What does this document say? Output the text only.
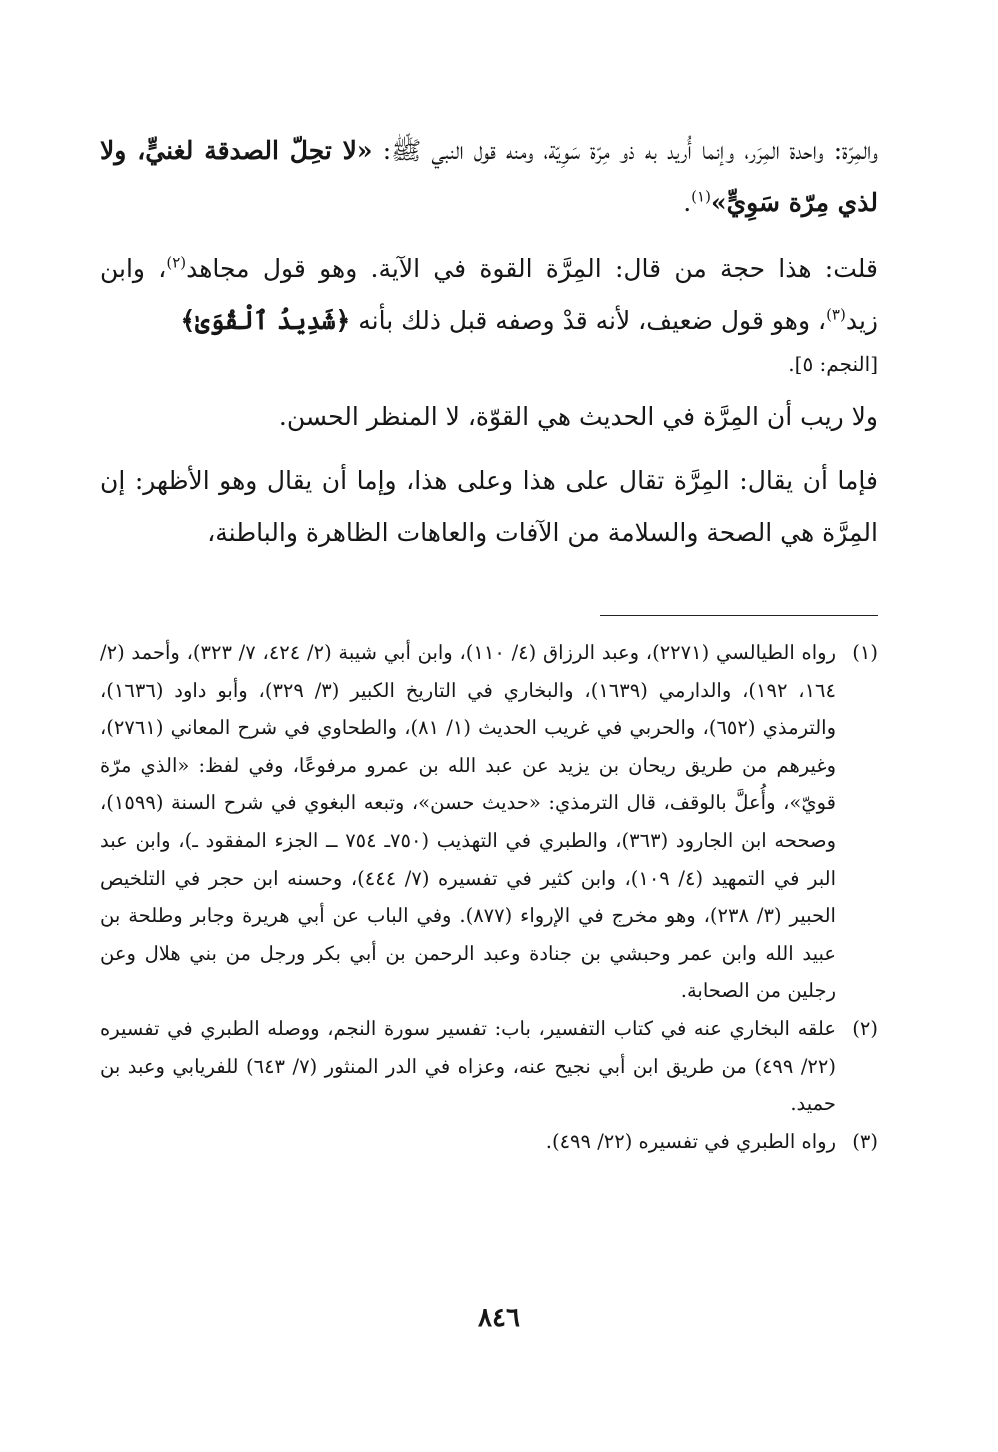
والمِرّة: واحدة المِرَر، وإنما أُريد به ذو مِرّة سَوِيّة، ومنه قول النبي ﷺ: «لا تحِلّ الصدقة لغنيٍّ، ولا لذي مِرّة سَوِيٍّ»$^{(١)}$.

قلت: هذا حجة من قال: المِرَّة القوة في الآية. وهو قول مجاهد$^{(٢)}$، وابن زيد$^{(٣)}$، وهو قول ضعيف، لأنه قدْ وصفه قبل ذلك بأنه ﴿شَدِيدُ ٱلْقُوَىٰ﴾
[النجم: ٥].

ولا ريب أن المِرَّة في الحديث هي القوّة، لا المنظر الحسن.

فإما أن يقال: المِرَّة تقال على هذا وعلى هذا، وإما أن يقال وهو الأظهر: إن المِرَّة هي الصحة والسلامة من الآفات والعاهات الظاهرة والباطنة،

(١)
رواه الطيالسي (٢٢٧١)، وعبد الرزاق (٤/ ١١٠)، وابن أبي شيبة (٢/ ٤٢٤، ٧/ ٣٢٣)، وأحمد (٢/ ١٦٤، ١٩٢)، والدارمي (١٦٣٩)، والبخاري في التاريخ الكبير (٣/ ٣٢٩)، وأبو داود (١٦٣٦)، والترمذي (٦٥٢)، والحربي في غريب الحديث (١/ ٨١)، والطحاوي في شرح المعاني (٢٧٦١)، وغيرهم من طريق ريحان بن يزيد عن عبد الله بن عمرو مرفوعًا، وفي لفظ: «الذي مرّة قويّ»، وأُعلَّ بالوقف، قال الترمذي: «حديث حسن»، وتبعه البغوي في شرح السنة (١٥٩٩)، وصححه ابن الجارود (٣٦٣)، والطبري في التهذيب (٧٥٠ـ ٧٥٤ ــ الجزء المفقود ـ)، وابن عبد البر في التمهيد (٤/ ١٠٩)، وابن كثير في تفسيره (٧/ ٤٤٤)، وحسنه ابن حجر في التلخيص الحبير (٣/ ٢٣٨)، وهو مخرج في الإرواء (٨٧٧). وفي الباب عن أبي هريرة وجابر وطلحة بن عبيد الله وابن عمر وحبشي بن جنادة وعبد الرحمن بن أبي بكر ورجل من بني هلال وعن رجلين من الصحابة.
(٢)
علقه البخاري عنه في كتاب التفسير، باب: تفسير سورة النجم، ووصله الطبري في تفسيره (٢٢/ ٤٩٩) من طريق ابن أبي نجيح عنه، وعزاه في الدر المنثور (٧/ ٦٤٣) للفريابي وعبد بن حميد.
(٣)
رواه الطبري في تفسيره (٢٢/ ٤٩٩).
٨٤٦
